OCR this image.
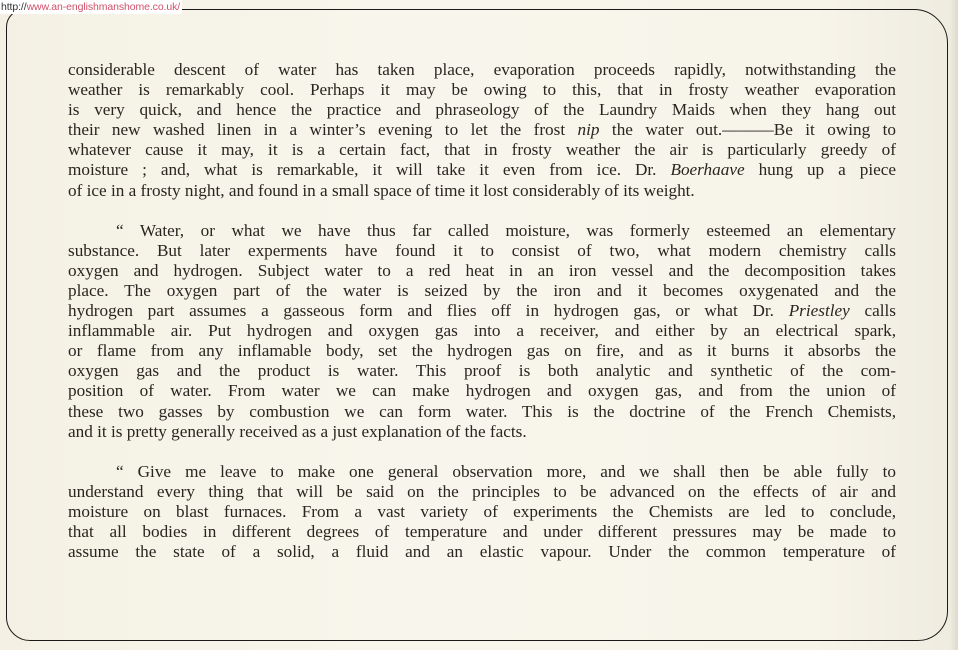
http://www.an-englishmanshome.co.uk/

considerable descent of water has taken place, evaporation proceeds rapidly, notwithstanding the
weather is remarkably cool. Perhaps it may be owing to this, that in frosty weather evaporation
is very quick, and hence the practice and phraseology of the Laundry Maids when they hang out
their new washed linen in a winter’s evening to let the frost nip the water out.———Be it owing to
whatever cause it may, it is a certain fact, that in frosty weather the air is particularly greedy of
moisture ; and, what is remarkable, it will take it even from ice. Dr. Boerhaave hung up a piece
of ice in a frosty night, and found in a small space of time it lost considerably of its weight.

“ Water, or what we have thus far called moisture, was formerly esteemed an elementary
substance. But later experments have found it to consist of two, what modern chemistry calls
oxygen and hydrogen. Subject water to a red heat in an iron vessel and the decomposition takes
place. The oxygen part of the water is seized by the iron and it becomes oxygenated and the
hydrogen part assumes a gasseous form and flies off in hydrogen gas, or what Dr. Priestley calls
inflammable air. Put hydrogen and oxygen gas into a receiver, and either by an electrical spark,
or flame from any inflamable body, set the hydrogen gas on fire, and as it burns it absorbs the
oxygen gas and the product is water. This proof is both analytic and synthetic of the com-
position of water. From water we can make hydrogen and oxygen gas, and from the union of
these two gasses by combustion we can form water. This is the doctrine of the French Chemists,
and it is pretty generally received as a just explanation of the facts.

“ Give me leave to make one general observation more, and we shall then be able fully to
understand every thing that will be said on the principles to be advanced on the effects of air and
moisture on blast furnaces. From a vast variety of experiments the Chemists are led to conclude,
that all bodies in different degrees of temperature and under different pressures may be made to
assume the state of a solid, a fluid and an elastic vapour. Under the common temperature of
